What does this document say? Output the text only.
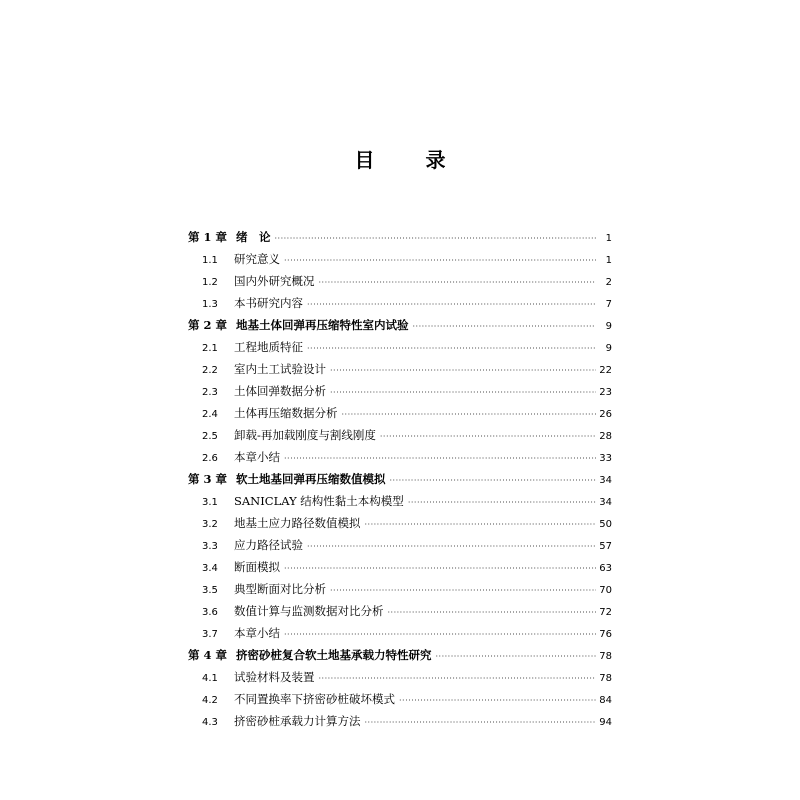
目 录
第 1 章 绪　论 ·····	1
1.1	研究意义 ·····	1
1.2	国内外研究概况 ·····	2
1.3	本书研究内容 ·····	7
第 2 章 地基土体回弹再压缩特性室内试验 ·····	9
2.1	工程地质特征 ·····	9
2.2	室内土工试验设计 ·····	22
2.3	土体回弹数据分析 ·····	23
2.4	土体再压缩数据分析 ·····	26
2.5	卸载-再加载刚度与割线刚度 ·····	28
2.6	本章小结 ·····	33
第 3 章 软土地基回弹再压缩数值模拟 ·····	34
3.1	SANICLAY 结构性黏土本构模型 ·····	34
3.2	地基土应力路径数值模拟 ·····	50
3.3	应力路径试验 ·····	57
3.4	断面模拟 ·····	63
3.5	典型断面对比分析 ·····	70
3.6	数值计算与监测数据对比分析 ·····	72
3.7	本章小结 ·····	76
第 4 章 挤密砂桩复合软土地基承载力特性研究 ·····	78
4.1	试验材料及装置 ·····	78
4.2	不同置换率下挤密砂桩破坏模式 ·····	84
4.3	挤密砂桩承载力计算方法 ·····	94
